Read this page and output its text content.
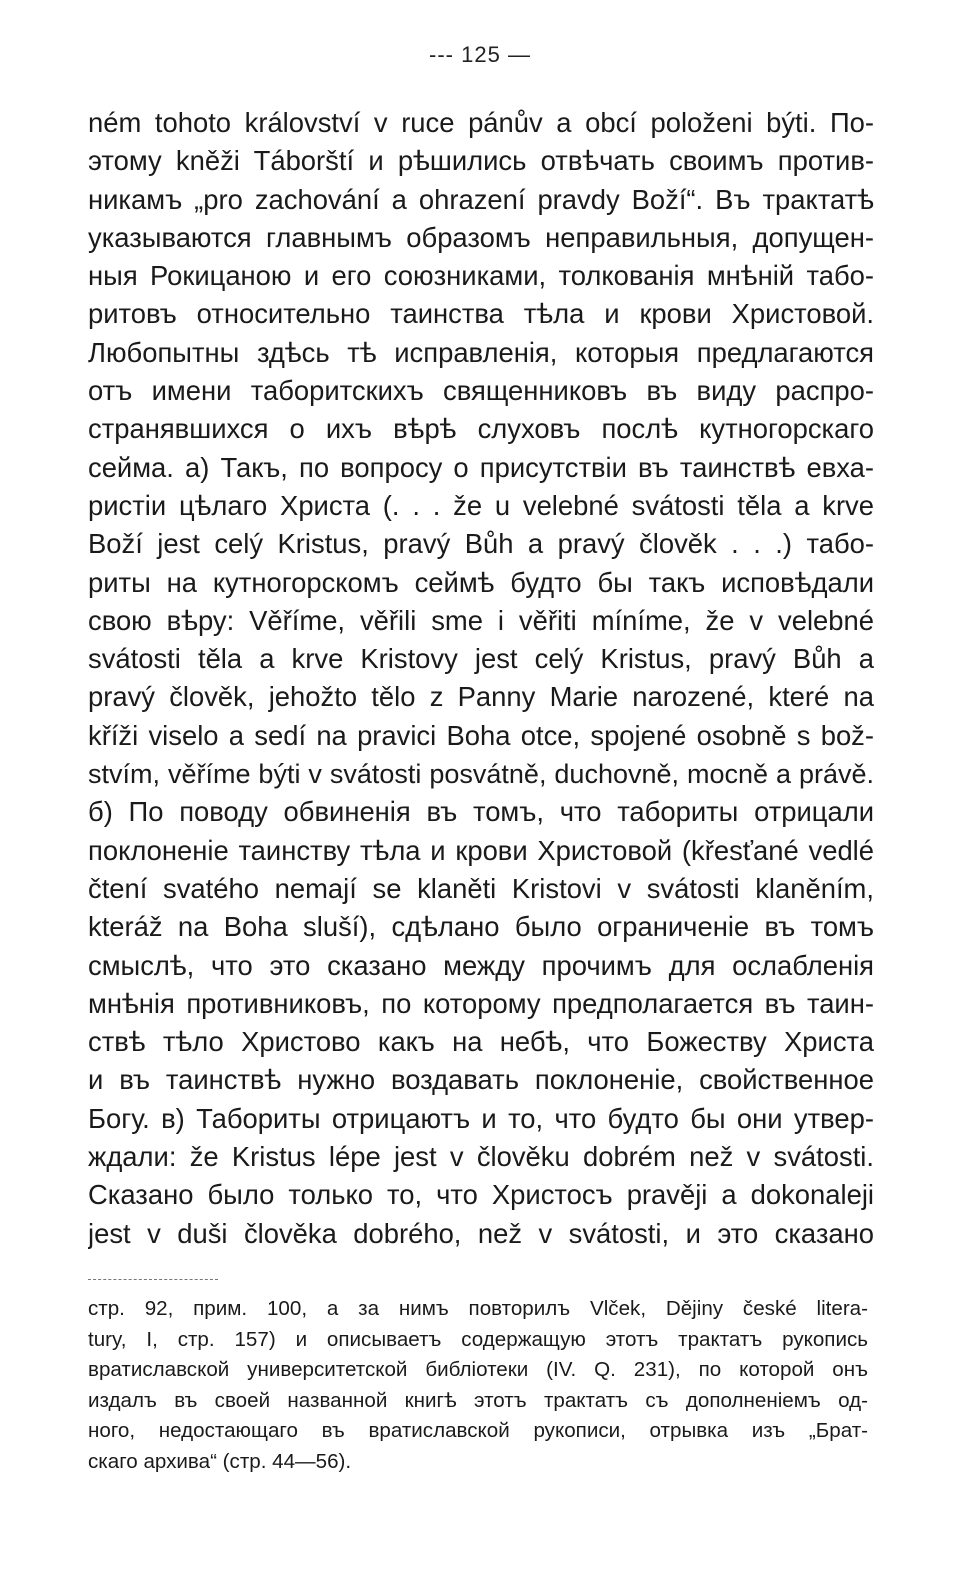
--- 125 —
ném tohoto království v ruce pánův a obcí položeni býti. По-
этому kněži Táborští и рѣшились отвѣчать своимъ против-
никамъ „pro zachování a ohrazení pravdy Boží“. Въ трактатѣ
указываются главнымъ образомъ неправильныя, допущен-
ныя Рокицаною и его союзниками, толкованія мнѣній табо-
ритовъ относительно таинства тѣла и крови Христовой.
Любопытны здѣсь тѣ исправленія, которыя предлагаются
отъ имени таборитскихъ священниковъ въ виду распро-
странявшихся о ихъ вѣрѣ слуховъ послѣ кутногорскаго
сейма. а) Такъ, по вопросу о присутствіи въ таинствѣ евха-
ристіи цѣлаго Христа (. . . že u velebné svátosti těla a krve
Boží jest celý Kristus, pravý Bůh a pravý člověk . . .) табо-
риты на кутногорскомъ сеймѣ будто бы такъ исповѣдали
свою вѣру: Věříme, věřili sme i věřiti míníme, že v velebné
svátosti těla a krve Kristovy jest celý Kristus, pravý Bůh a
pravý člověk, jehožto tělo z Panny Marie narozené, které na
kříži viselo a sedí na pravici Boha otce, spojené osobně s bož-
stvím, věříme býti v svátosti posvátně, duchovně, mocně a právě.
б) По поводу обвиненія въ томъ, что табориты отрицали
поклоненіе таинству тѣла и крови Христовой (křesťané vedlé
čtení svatého nemají se klaněti Kristovi v svátosti klaněním,
kteráž na Boha sluší), сдѣлано было ограниченіе въ томъ
смыслѣ, что это сказано между прочимъ для ослабленія
мнѣнія противниковъ, по которому предполагается въ таин-
ствѣ тѣло Христово какъ на небѣ, что Божеству Христа
и въ таинствѣ нужно воздавать поклоненіе, свойственное
Богу. в) Табориты отрицаютъ и то, что будто бы они утвер-
ждали: že Kristus lépe jest v člověku dobrém než v svátosti.
Сказано было только то, что Христосъ pravěji a dokonaleji
jest v duši člověka dobrého, než v svátosti, и это сказано
стр. 92, прим. 100, а за нимъ повторилъ Vlček, Dějiny české litera-
tury, I, стр. 157) и описываетъ содержащую этотъ трактатъ рукопись
вратиславской университетской библіотеки (IV. Q. 231), по которой онъ
издалъ въ своей названной книгѣ этотъ трактатъ съ дополненіемъ од-
ного, недостающаго въ вратиславской рукописи, отрывка изъ „Брат-
скаго архива“ (стр. 44—56).
